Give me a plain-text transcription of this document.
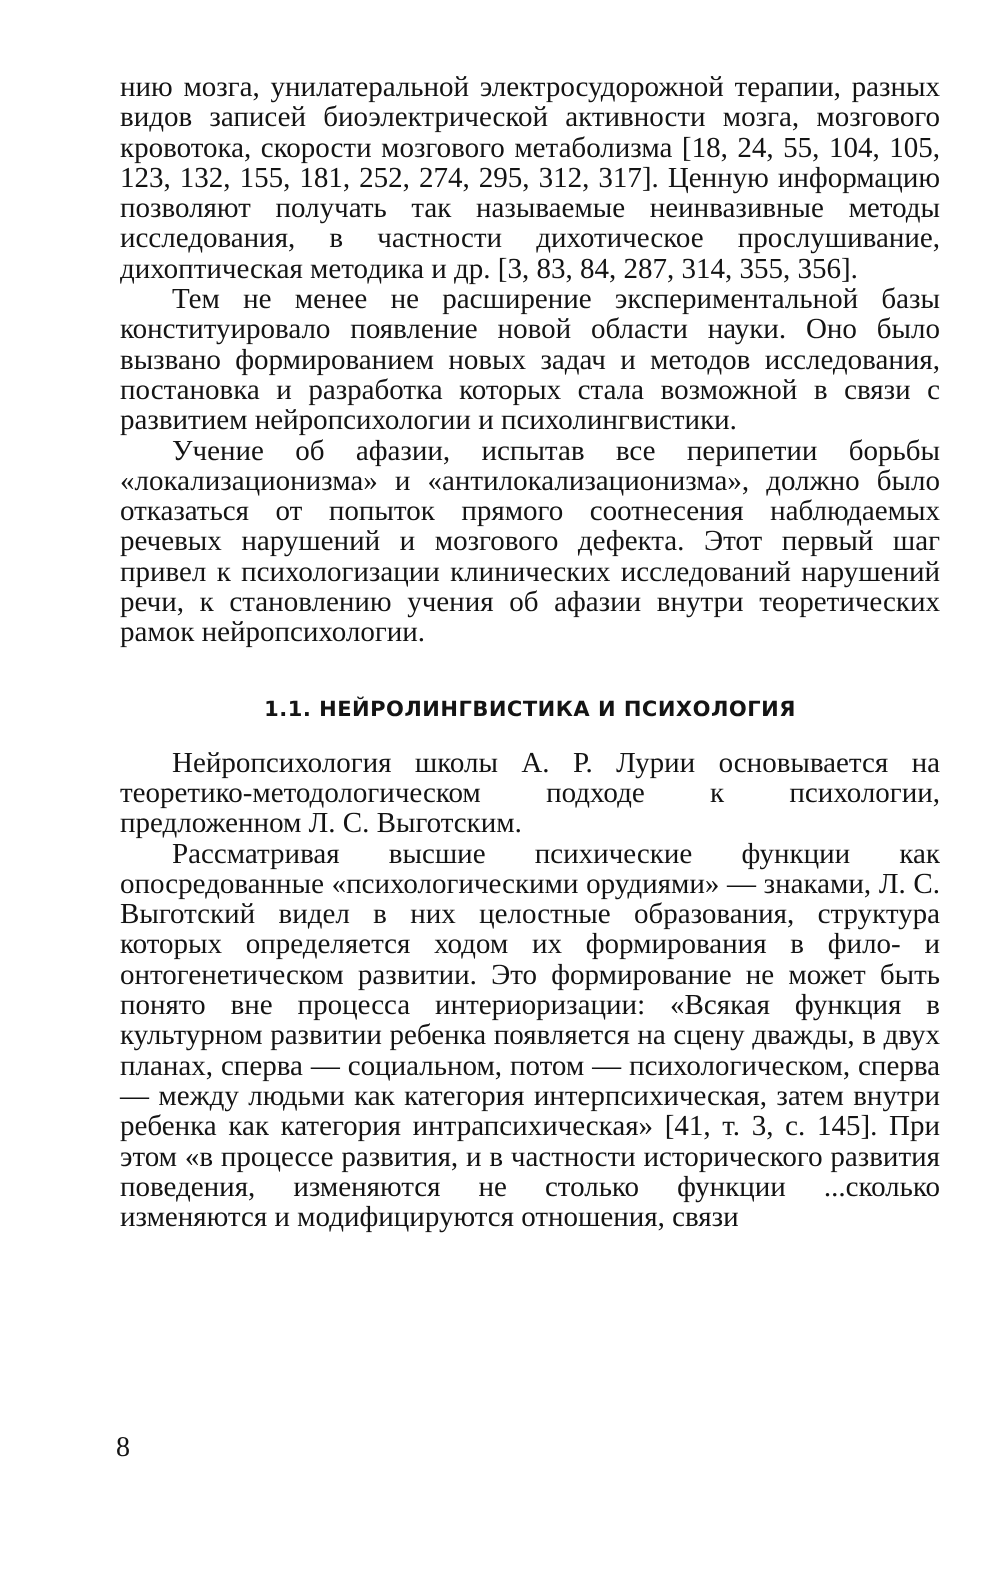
нию мозга, унилатеральной электросудорожной терапии, разных видов записей биоэлектрической активности мозга, мозгового кровотока, скорости мозгового метаболизма [18, 24, 55, 104, 105, 123, 132, 155, 181, 252, 274, 295, 312, 317]. Ценную информацию позволяют получать так называемые неинвазивные методы исследования, в частности дихотическое прослушивание, дихоптическая методика и др. [3, 83, 84, 287, 314, 355, 356].

Тем не менее не расширение экспериментальной базы конституировало появление новой области науки. Оно было вызвано формированием новых задач и методов исследования, постановка и разработка которых стала возможной в связи с развитием нейропсихологии и психолингвистики.

Учение об афазии, испытав все перипетии борьбы «локализационизма» и «антилокализационизма», должно было отказаться от попыток прямого соотнесения наблюдаемых речевых нарушений и мозгового дефекта. Этот первый шаг привел к психологизации клинических исследований нарушений речи, к становлению учения об афазии внутри теоретических рамок нейропсихологии.

1.1. НЕЙРОЛИНГВИСТИКА И ПСИХОЛОГИЯ

Нейропсихология школы А. Р. Лурии основывается на теоретико-методологическом подходе к психологии, предложенном Л. С. Выготским.

Рассматривая высшие психические функции как опосредованные «психологическими орудиями» — знаками, Л. С. Выготский видел в них целостные образования, структура которых определяется ходом их формирования в фило- и онтогенетическом развитии. Это формирование не может быть понято вне процесса интериоризации: «Всякая функция в культурном развитии ребенка появляется на сцену дважды, в двух планах, сперва — социальном, потом — психологическом, сперва — между людьми как категория интерпсихическая, затем внутри ребенка как категория интрапсихическая» [41, т. 3, с. 145]. При этом «в процессе развития, и в частности исторического развития поведения, изменяются не столько функции ...сколько изменяются и модифицируются отношения, связи

8
